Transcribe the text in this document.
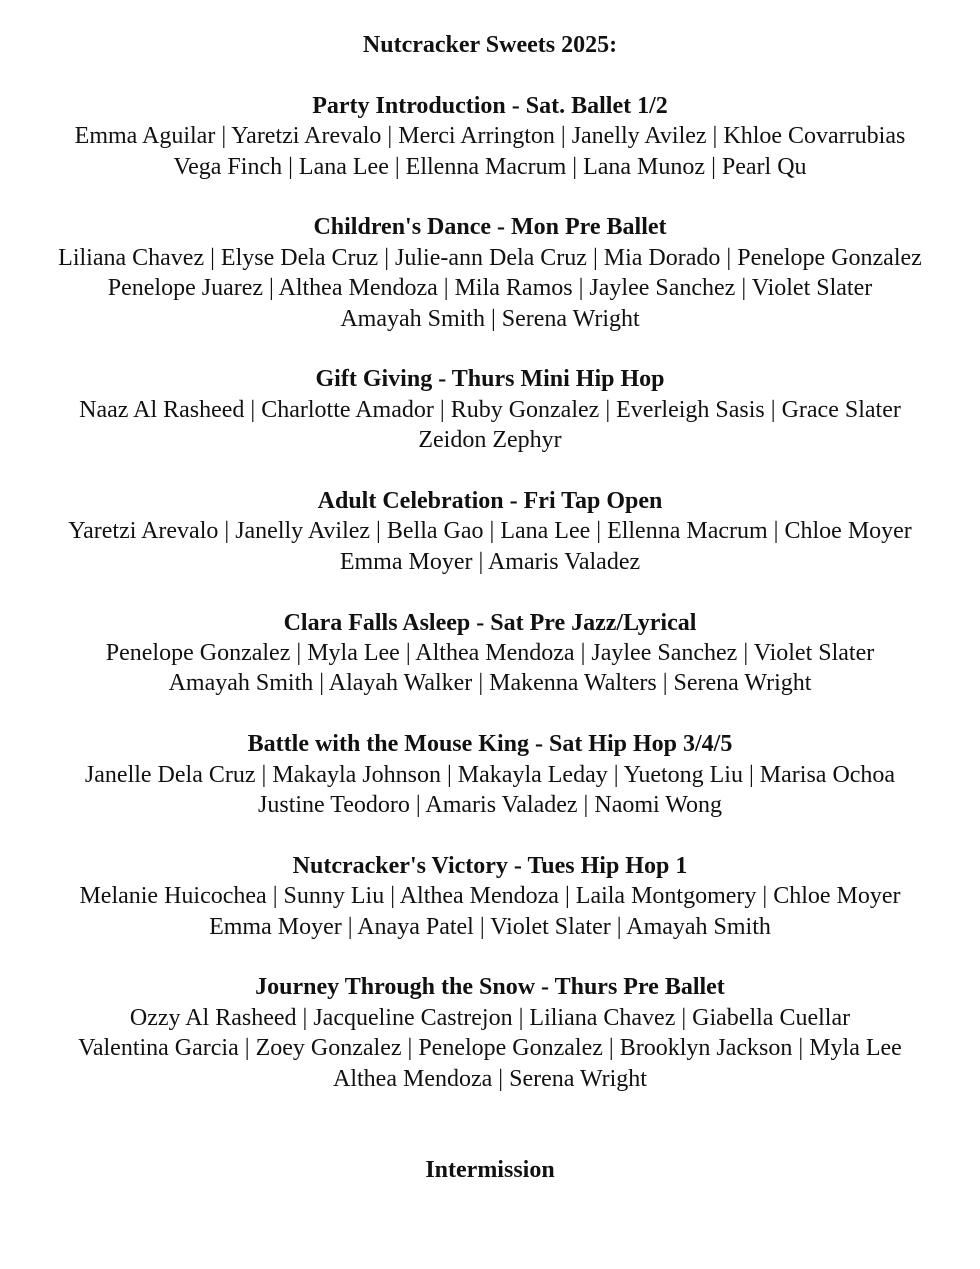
Nutcracker Sweets 2025:
Party Introduction - Sat. Ballet 1/2
Emma Aguilar | Yaretzi Arevalo | Merci Arrington | Janelly Avilez | Khloe Covarrubias
Vega Finch | Lana Lee | Ellenna Macrum | Lana Munoz | Pearl Qu
Children's Dance - Mon Pre Ballet
Liliana Chavez | Elyse Dela Cruz | Julie-ann Dela Cruz | Mia Dorado | Penelope Gonzalez
Penelope Juarez | Althea Mendoza | Mila Ramos | Jaylee Sanchez | Violet Slater
Amayah Smith | Serena Wright
Gift Giving - Thurs Mini Hip Hop
Naaz Al Rasheed | Charlotte Amador | Ruby Gonzalez | Everleigh Sasis | Grace Slater
Zeidon Zephyr
Adult Celebration - Fri Tap Open
Yaretzi Arevalo | Janelly Avilez | Bella Gao | Lana Lee | Ellenna Macrum | Chloe Moyer
Emma Moyer | Amaris Valadez
Clara Falls Asleep - Sat Pre Jazz/Lyrical
Penelope Gonzalez | Myla Lee | Althea Mendoza | Jaylee Sanchez | Violet Slater
Amayah Smith | Alayah Walker | Makenna Walters | Serena Wright
Battle with the Mouse King - Sat Hip Hop 3/4/5
Janelle Dela Cruz | Makayla Johnson | Makayla Leday | Yuetong Liu | Marisa Ochoa
Justine Teodoro | Amaris Valadez | Naomi Wong
Nutcracker's Victory - Tues Hip Hop 1
Melanie Huicochea | Sunny Liu | Althea Mendoza | Laila Montgomery | Chloe Moyer
Emma Moyer | Anaya Patel | Violet Slater | Amayah Smith
Journey Through the Snow - Thurs Pre Ballet
Ozzy Al Rasheed | Jacqueline Castrejon | Liliana Chavez | Giabella Cuellar
Valentina Garcia | Zoey Gonzalez | Penelope Gonzalez | Brooklyn Jackson | Myla Lee
Althea Mendoza | Serena Wright
Intermission
